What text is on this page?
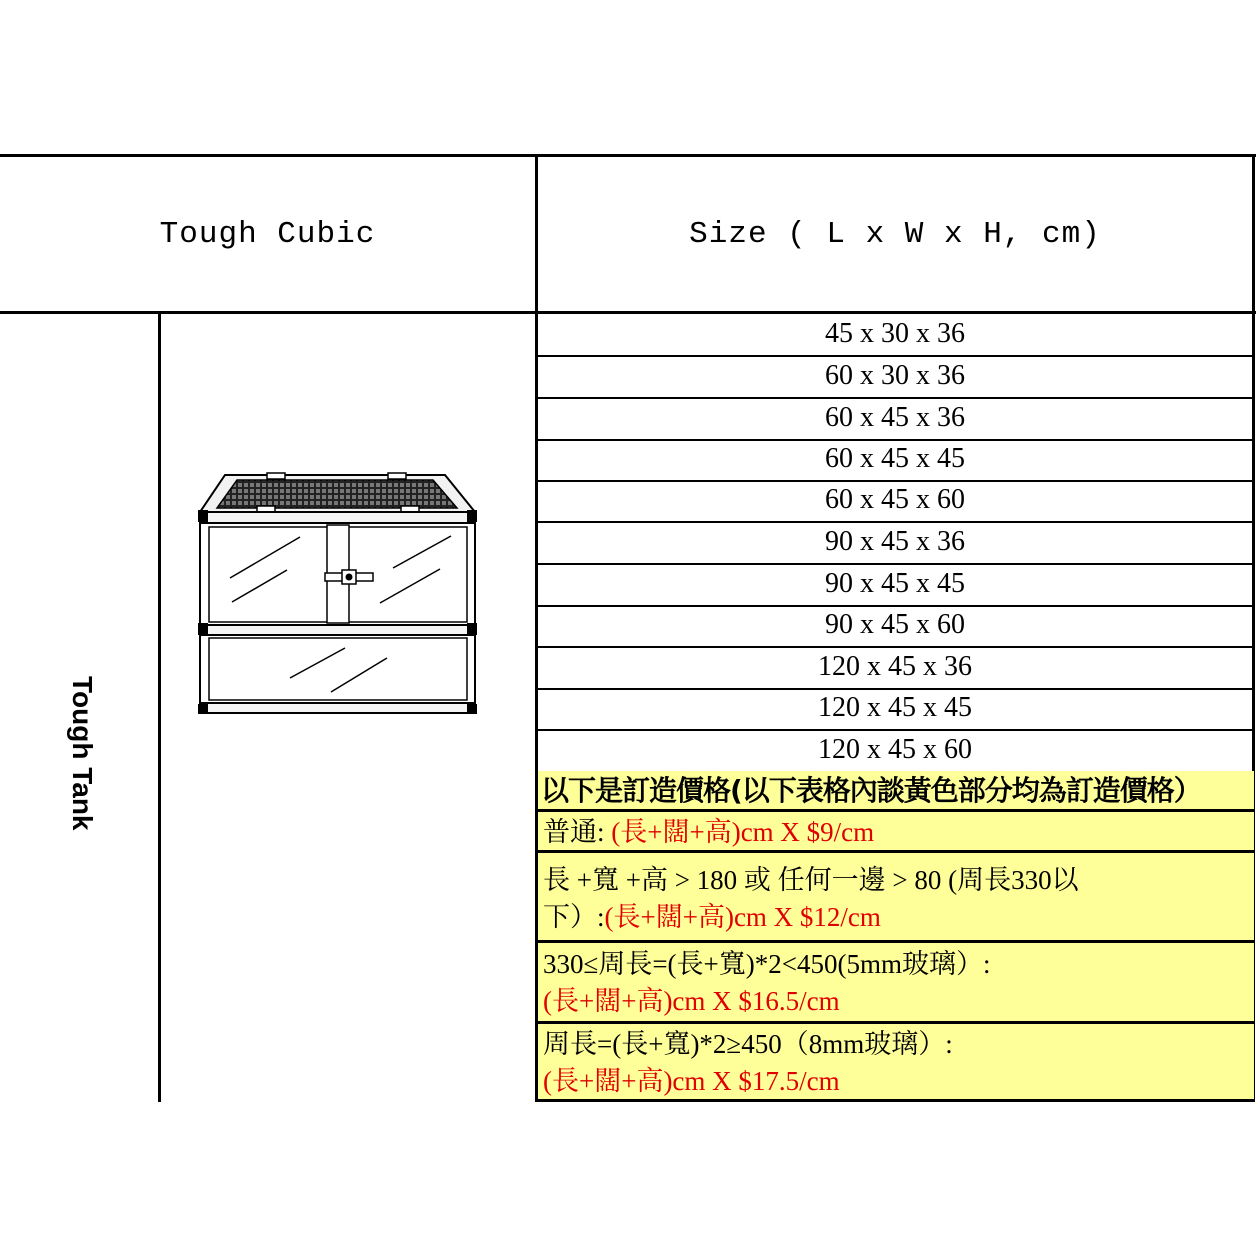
Tough Cubic	Size ( L x W x H, cm)
Tough Tank
45 x 30 x 36
60 x 30 x 36
60 x 45 x 36
60 x 45 x 45
60 x 45 x 60
90 x 45 x 36
90 x 45 x 45
90 x 45 x 60
120 x 45 x 36
120 x 45 x 45
120 x 45 x 60
以下是訂造價格(以下表格內談黃色部分均為訂造價格）
普通: (長+闊+高)cm X $9/cm
長 +寬 +高 > 180 或 任何一邊 > 80 (周長330以
下）:(長+闊+高)cm X $12/cm
330≤周長=(長+寬)*2<450(5mm玻璃）:
(長+闊+高)cm X $16.5/cm
周長=(長+寬)*2≥450（8mm玻璃）:
(長+闊+高)cm X $17.5/cm
